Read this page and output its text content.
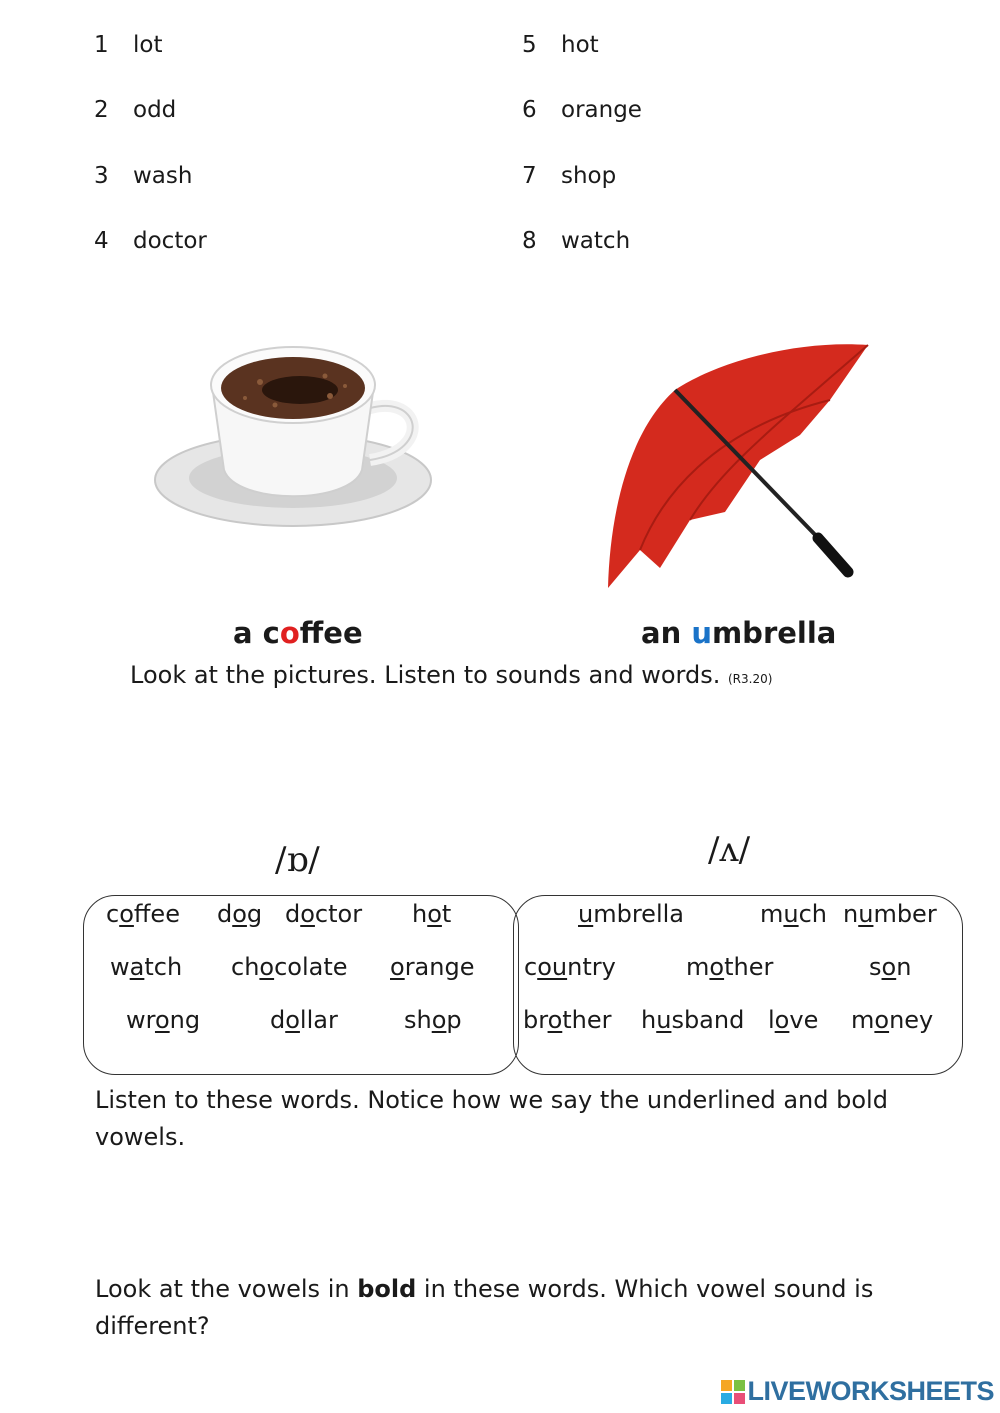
1 lot
2 odd
3 wash
4 doctor
5 hot
6 orange
7 shop
8 watch
a coffee	an umbrella
Look at the pictures. Listen to sounds and words. (R3.20)
/ɒ/	/ʌ/
coffee dog doctor hot
watch chocolate orange
wrong	dollar	shop
umbrella	much number
country	mother	son
brother husband love money
Listen to these words. Notice how we say the underlined and bold
vowels.
Look at the vowels in bold in these words. Which vowel sound is
different?
LIVEWORKSHEETS
